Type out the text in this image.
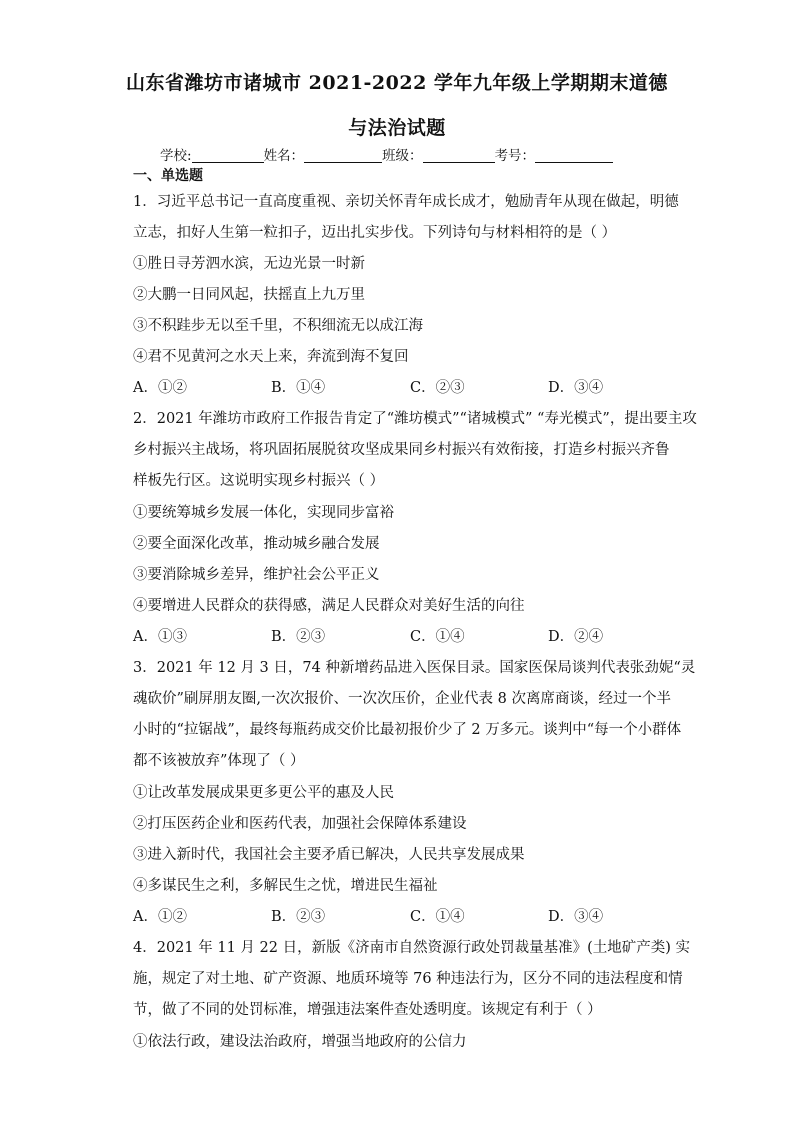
山东省潍坊市诸城市 2021-2022 学年九年级上学期期末道德
与法治试题
学校:	姓名：	班级：	考号：
一、单选题
1．习近平总书记一直高度重视、亲切关怀青年成长成才，勉励青年从现在做起，明德
立志，扣好人生第一粒扣子，迈出扎实步伐。下列诗句与材料相符的是（ ）
①胜日寻芳泗水滨，无边光景一时新
②大鹏一日同风起，扶摇直上九万里
③不积跬步无以至千里，不积细流无以成江海
④君不见黄河之水天上来，奔流到海不复回
A．①②	B．①④	C．②③	D．③④
2．2021 年潍坊市政府工作报告肯定了“潍坊模式”“诸城模式” “寿光模式”，提出要主攻
乡村振兴主战场，将巩固拓展脱贫攻坚成果同乡村振兴有效衔接，打造乡村振兴齐鲁
样板先行区。这说明实现乡村振兴（ ）
①要统筹城乡发展一体化，实现同步富裕
②要全面深化改革，推动城乡融合发展
③要消除城乡差异，维护社会公平正义
④要增进人民群众的获得感，满足人民群众对美好生活的向往
A．①③	B．②③	C．①④	D．②④
3．2021 年 12 月 3 日，74 种新增药品进入医保目录。国家医保局谈判代表张劲妮“灵
魂砍价”刷屏朋友圈,一次次报价、一次次压价，企业代表 8 次离席商谈，经过一个半
小时的“拉锯战”，最终每瓶药成交价比最初报价少了 2 万多元。谈判中“每一个小群体
都不该被放弃”体现了（ ）
①让改革发展成果更多更公平的惠及人民
②打压医药企业和医药代表，加强社会保障体系建设
③进入新时代，我国社会主要矛盾已解决，人民共享发展成果
④多谋民生之利，多解民生之忧，增进民生福祉
A．①②	B．②③	C．①④	D．③④
4．2021 年 11 月 22 日，新版《济南市自然资源行政处罚裁量基准》(土地矿产类) 实
施，规定了对土地、矿产资源、地质环境等 76 种违法行为，区分不同的违法程度和情
节，做了不同的处罚标准，增强违法案件查处透明度。该规定有利于（ ）
①依法行政，建设法治政府，增强当地政府的公信力
